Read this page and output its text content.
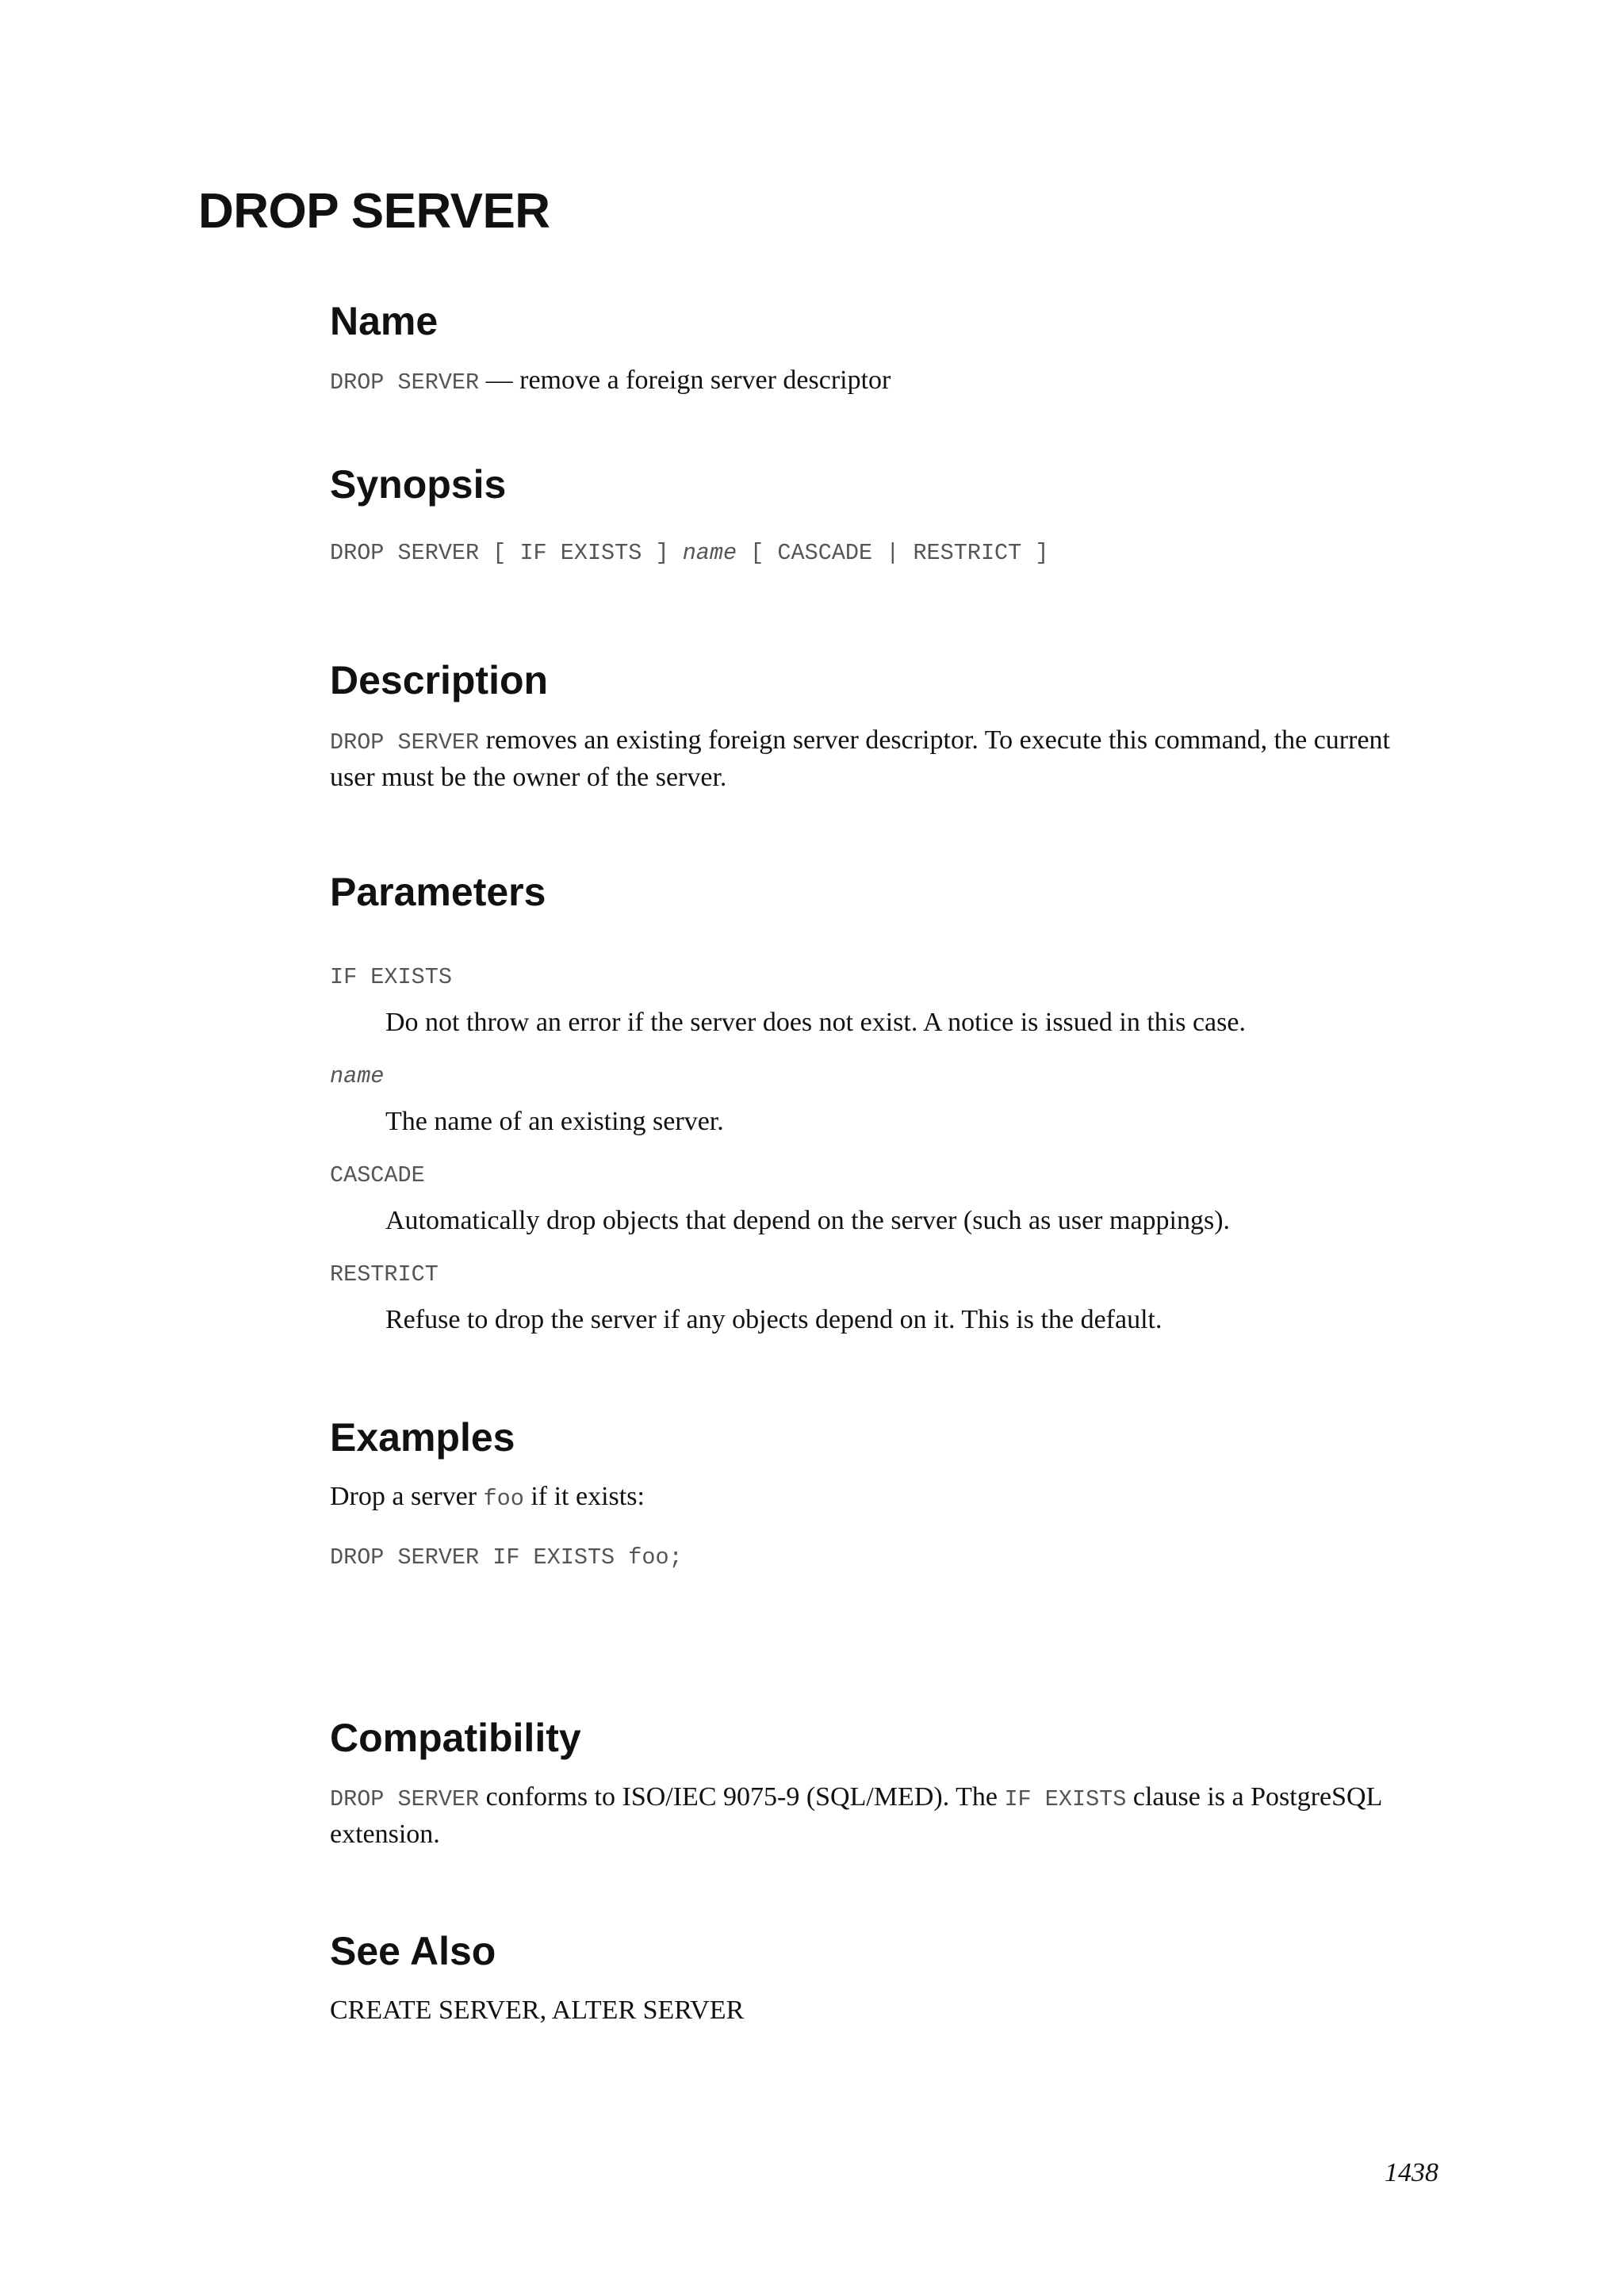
DROP SERVER
Name

DROP SERVER — remove a foreign server descriptor

Synopsis
DROP SERVER [ IF EXISTS ] name [ CASCADE | RESTRICT ]
Description

DROP SERVER removes an existing foreign server descriptor. To execute this command, the current user must be the owner of the server.

Parameters
IF EXISTS
Do not throw an error if the server does not exist. A notice is issued in this case.
name
The name of an existing server.
CASCADE
Automatically drop objects that depend on the server (such as user mappings).
RESTRICT
Refuse to drop the server if any objects depend on it. This is the default.
Examples

Drop a server foo if it exists:

DROP SERVER IF EXISTS foo;
Compatibility

DROP SERVER conforms to ISO/IEC 9075-9 (SQL/MED). The IF EXISTS clause is a PostgreSQL extension.

See Also

CREATE SERVER, ALTER SERVER

1438
